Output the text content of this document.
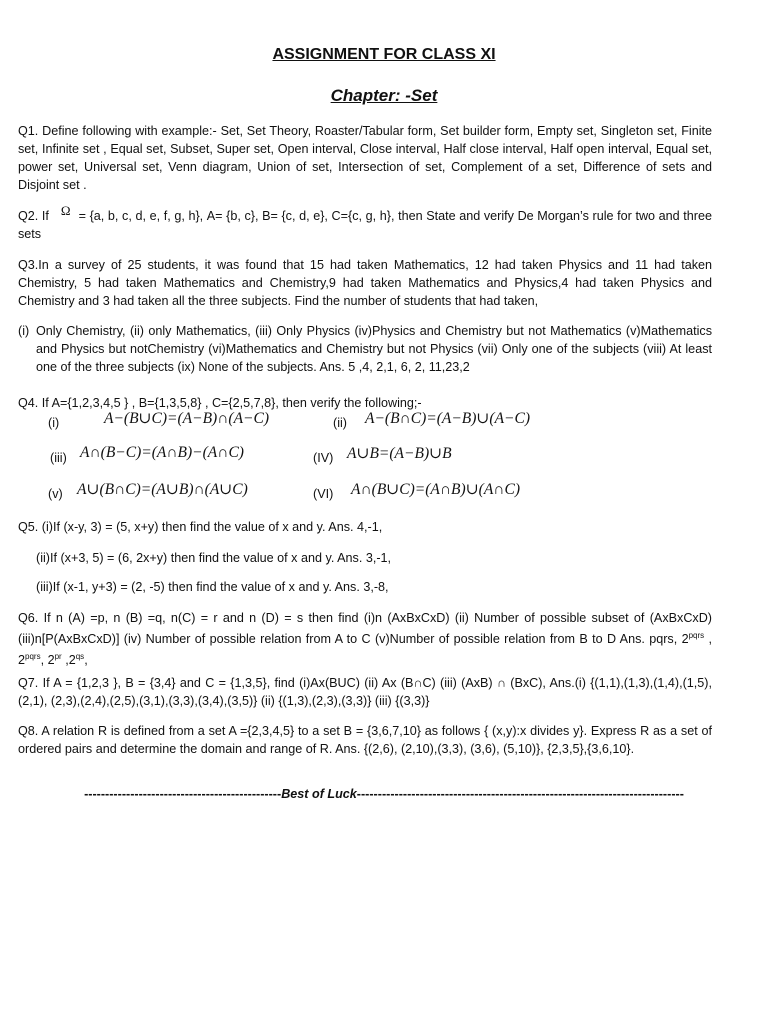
ASSIGNMENT FOR CLASS XI
Chapter: -Set
Q1. Define following with example:- Set, Set Theory, Roaster/Tabular form, Set builder form, Empty set, Singleton set, Finite set, Infinite set , Equal set, Subset, Super set, Open interval, Close interval, Half close interval, Half open interval, Equal set, power set, Universal set, Venn diagram, Union of set, Intersection of set, Complement of a set, Difference of sets and Disjoint set .
Q2. If Ω = {a, b, c, d, e, f, g, h}, A= {b, c}, B= {c, d, e}, C={c, g, h}, then State and verify De Morgan’s rule for two and three sets
Q3.In a survey of 25 students, it was found that 15 had taken Mathematics, 12 had taken Physics and 11 had taken Chemistry, 5 had taken Mathematics and Chemistry,9 had taken Mathematics and Physics,4 had taken Physics and Chemistry and 3 had taken all the three subjects. Find the number of students that had taken,
(i) Only Chemistry, (ii) only Mathematics, (iii) Only Physics (iv)Physics and Chemistry but not Mathematics (v)Mathematics and Physics but notChemistry (vi)Mathematics and Chemistry but not Physics (vii) Only one of the subjects (viii) At least one of the three subjects (ix) None of the subjects. Ans. 5 ,4, 2,1, 6, 2, 11,23,2
Q4. If A={1,2,3,4,5 } , B={1,3,5,8} , C={2,5,7,8}, then verify the following;-
(i)	A−(B∪C)=(A−B)∩(A−C)	(ii) A−(B∩C)=(A−B)∪(A−C)
(iii) A∩(B−C)=(A∩B)−(A∩C)	(IV) A∪B=(A−B)∪B
(v) A∪(B∩C)=(A∪B)∩(A∪C)	(VI) A∩(B∪C)=(A∩B)∪(A∩C)
Q5. (i)If (x-y, 3) = (5, x+y) then find the value of x and y. Ans. 4,-1,
(ii)If (x+3, 5) = (6, 2x+y) then find the value of x and y. Ans. 3,-1,
(iii)If (x-1, y+3) = (2, -5) then find the value of x and y. Ans. 3,-8,
Q6. If n (A) =p, n (B) =q, n(C) = r and n (D) = s then find (i)n (AxBxCxD) (ii) Number of possible subset of (AxBxCxD)(iii)n[P(AxBxCxD)] (iv) Number of possible relation from A to C (v)Number of possible relation from B to D Ans. pqrs, $2^{pqrs}$ , $2^{pqrs}$, $2^{pr}$ $,2^{qs}$,
Q7. If A = {1,2,3 }, B = {3,4} and C = {1,3,5}, find (i)Ax(BUC) (ii) Ax (B∩C) (iii) (AxB) ∩ (BxC), Ans.(i) {(1,1),(1,3),(1,4),(1,5), (2,1), (2,3),(2,4),(2,5),(3,1),(3,3),(3,4),(3,5)} (ii) {(1,3),(2,3),(3,3)} (iii) {(3,3)}
Q8. A relation R is defined from a set A ={2,3,4,5} to a set B = {3,6,7,10} as follows { (x,y):x divides y}. Express R as a set of ordered pairs and determine the domain and range of R. Ans. {(2,6), (2,10),(3,3), (3,6), (5,10)}, {2,3,5},{3,6,10}.
-----------------------------------------------Best of Luck------------------------------------------------------------------------------
